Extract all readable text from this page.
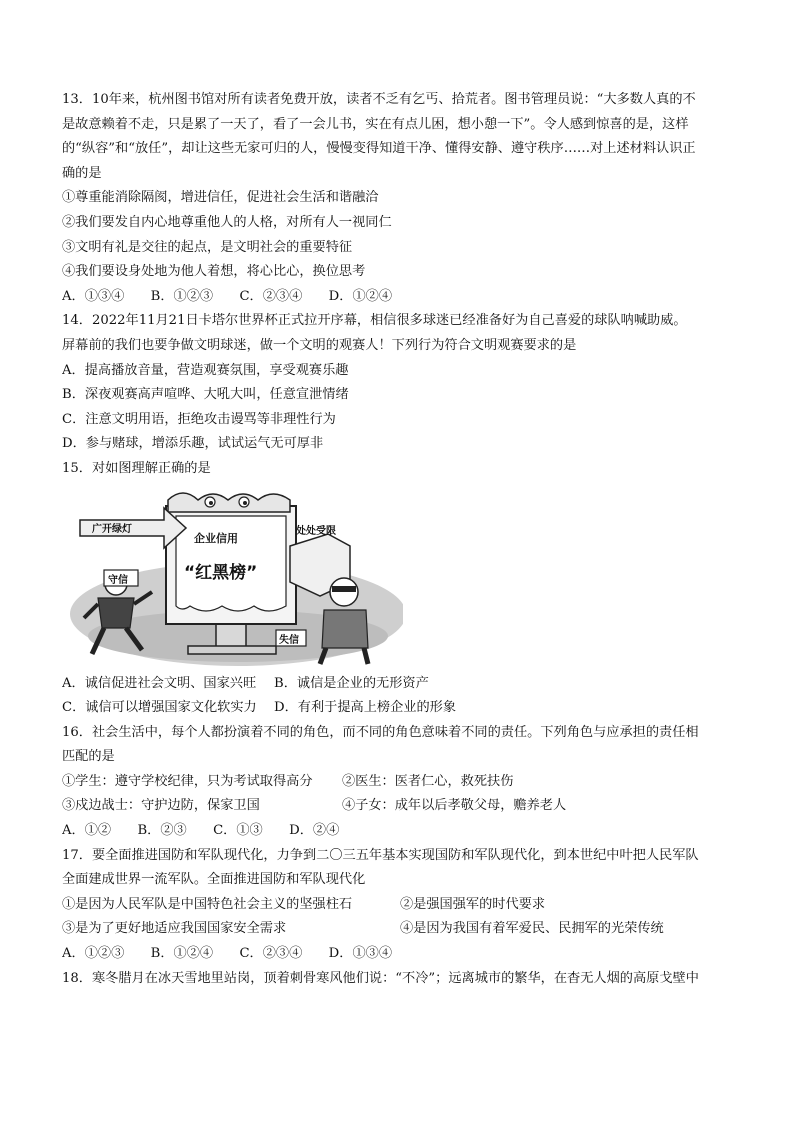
13．10年来，杭州图书馆对所有读者免费开放，读者不乏有乞丐、拾荒者。图书管理员说：“大多数人真的不
是故意赖着不走，只是累了一天了，看了一会儿书，实在有点儿困，想小憩一下”。令人感到惊喜的是，这样
的“纵容”和“放任”，却让这些无家可归的人，慢慢变得知道干净、懂得安静、遵守秩序……对上述材料认识正
确的是
①尊重能消除隔阂，增进信任，促进社会生活和谐融洽
②我们要发自内心地尊重他人的人格，对所有人一视同仁
③文明有礼是交往的起点，是文明社会的重要特征
④我们要设身处地为他人着想，将心比心，换位思考
A．①③④　　B．①②③　　C．②③④　　D．①②④
14．2022年11月21日卡塔尔世界杯正式拉开序幕，相信很多球迷已经准备好为自己喜爱的球队呐喊助威。
屏幕前的我们也要争做文明球迷，做一个文明的观赛人！下列行为符合文明观赛要求的是
A．提高播放音量，营造观赛氛围，享受观赛乐趣
B．深夜观赛高声喧哗、大吼大叫，任意宣泄情绪
C．注意文明用语，拒绝攻击谩骂等非理性行为
D．参与赌球，增添乐趣，试试运气无可厚非
15．对如图理解正确的是
企业信用
“红黑榜”
广开绿灯	处处受限
守信
失信
A．诚信促进社会文明、国家兴旺	B．诚信是企业的无形资产
C．诚信可以增强国家文化软实力	D．有利于提高上榜企业的形象
16．社会生活中，每个人都扮演着不同的角色，而不同的角色意味着不同的责任。下列角色与应承担的责任相
匹配的是
①学生：遵守学校纪律，只为考试取得高分	②医生：医者仁心，救死扶伤
③戍边战士：守护边防，保家卫国	④子女：成年以后孝敬父母，赡养老人
A．①②　　B．②③　　C．①③　　D．②④
17．要全面推进国防和军队现代化，力争到二〇三五年基本实现国防和军队现代化，到本世纪中叶把人民军队
全面建成世界一流军队。全面推进国防和军队现代化
①是因为人民军队是中国特色社会主义的坚强柱石	②是强国强军的时代要求
③是为了更好地适应我国国家安全需求	④是因为我国有着军爱民、民拥军的光荣传统
A．①②③　　B．①②④　　C．②③④　　D．①③④
18．寒冬腊月在冰天雪地里站岗，顶着刺骨寒风他们说：“不冷”；远离城市的繁华，在杳无人烟的高原戈壁中
